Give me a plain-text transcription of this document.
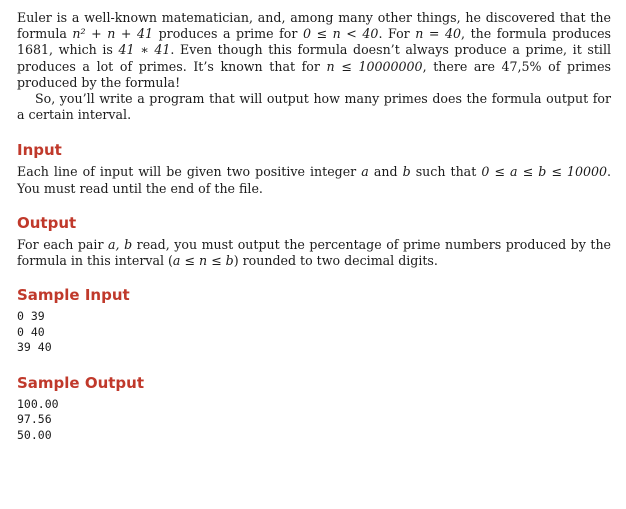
Euler is a well-known matematician, and, among many other things, he discovered that the formula n² + n + 41 produces a prime for 0 ≤ n < 40. For n = 40, the formula produces 1681, which is 41 ∗ 41. Even though this formula doesn’t always produce a prime, it still produces a lot of primes. It’s known that for n ≤ 10000000, there are 47,5% of primes produced by the formula!

So, you’ll write a program that will output how many primes does the formula output for a certain interval.

Input

Each line of input will be given two positive integer a and b such that 0 ≤ a ≤ b ≤ 10000. You must read until the end of the file.

Output

For each pair a, b read, you must output the percentage of prime numbers produced by the formula in this interval (a ≤ n ≤ b) rounded to two decimal digits.

Sample Input
0 39
0 40
39 40
Sample Output
100.00
97.56
50.00
